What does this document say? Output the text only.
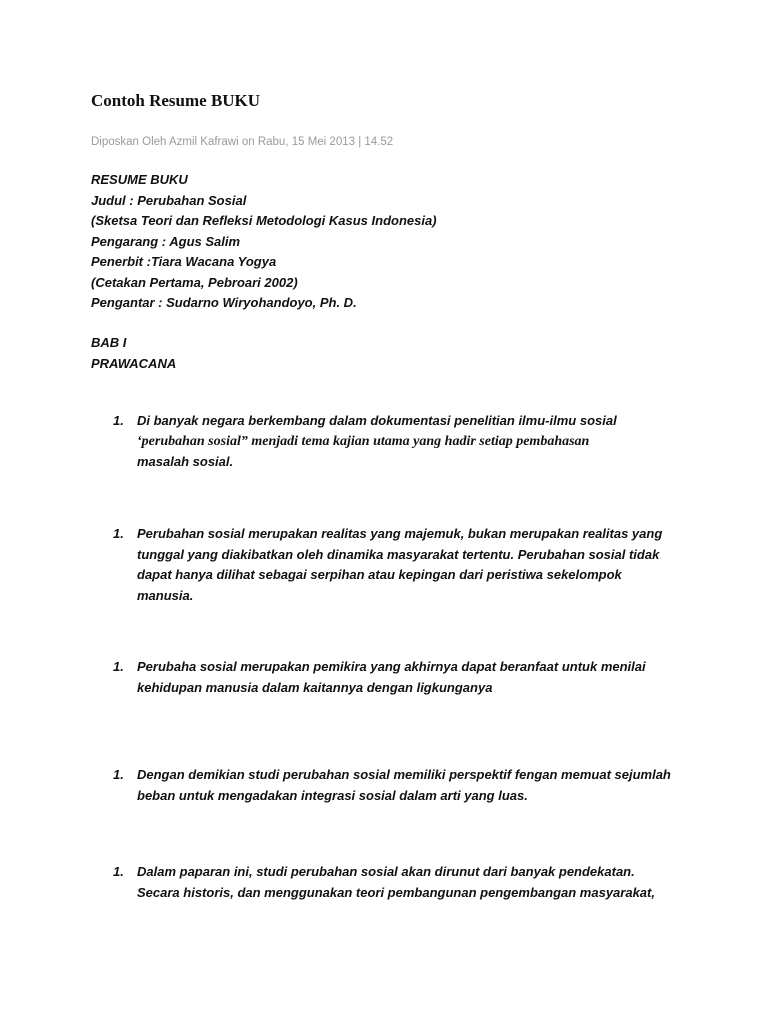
Contoh Resume BUKU
Diposkan Oleh Azmil Kafrawi on Rabu, 15 Mei 2013 | 14.52
RESUME BUKU
Judul : Perubahan Sosial
(Sketsa Teori dan Refleksi Metodologi Kasus Indonesia)
Pengarang : Agus Salim
Penerbit :Tiara Wacana Yogya
(Cetakan Pertama, Pebroari 2002)
Pengantar : Sudarno Wiryohandoyo, Ph. D.
BAB I
PRAWACANA
1. Di banyak negara berkembang dalam dokumentasi penelitian ilmu-ilmu sosial
‘perubahan sosial” menjadi tema kajian utama yang hadir setiap pembahasan
masalah sosial.
1. Perubahan sosial merupakan realitas yang majemuk, bukan merupakan realitas yang
tunggal yang diakibatkan oleh dinamika masyarakat tertentu. Perubahan sosial tidak
dapat hanya dilihat sebagai serpihan atau kepingan dari peristiwa sekelompok
manusia.
1. Perubaha sosial merupakan pemikira yang akhirnya dapat beranfaat untuk menilai
kehidupan manusia dalam kaitannya dengan ligkunganya
1. Dengan demikian studi perubahan sosial memiliki perspektif fengan memuat sejumlah
beban untuk mengadakan integrasi sosial dalam arti yang luas.
1. Dalam paparan ini, studi perubahan sosial akan dirunut dari banyak pendekatan.
Secara historis, dan menggunakan teori pembangunan pengembangan masyarakat,
